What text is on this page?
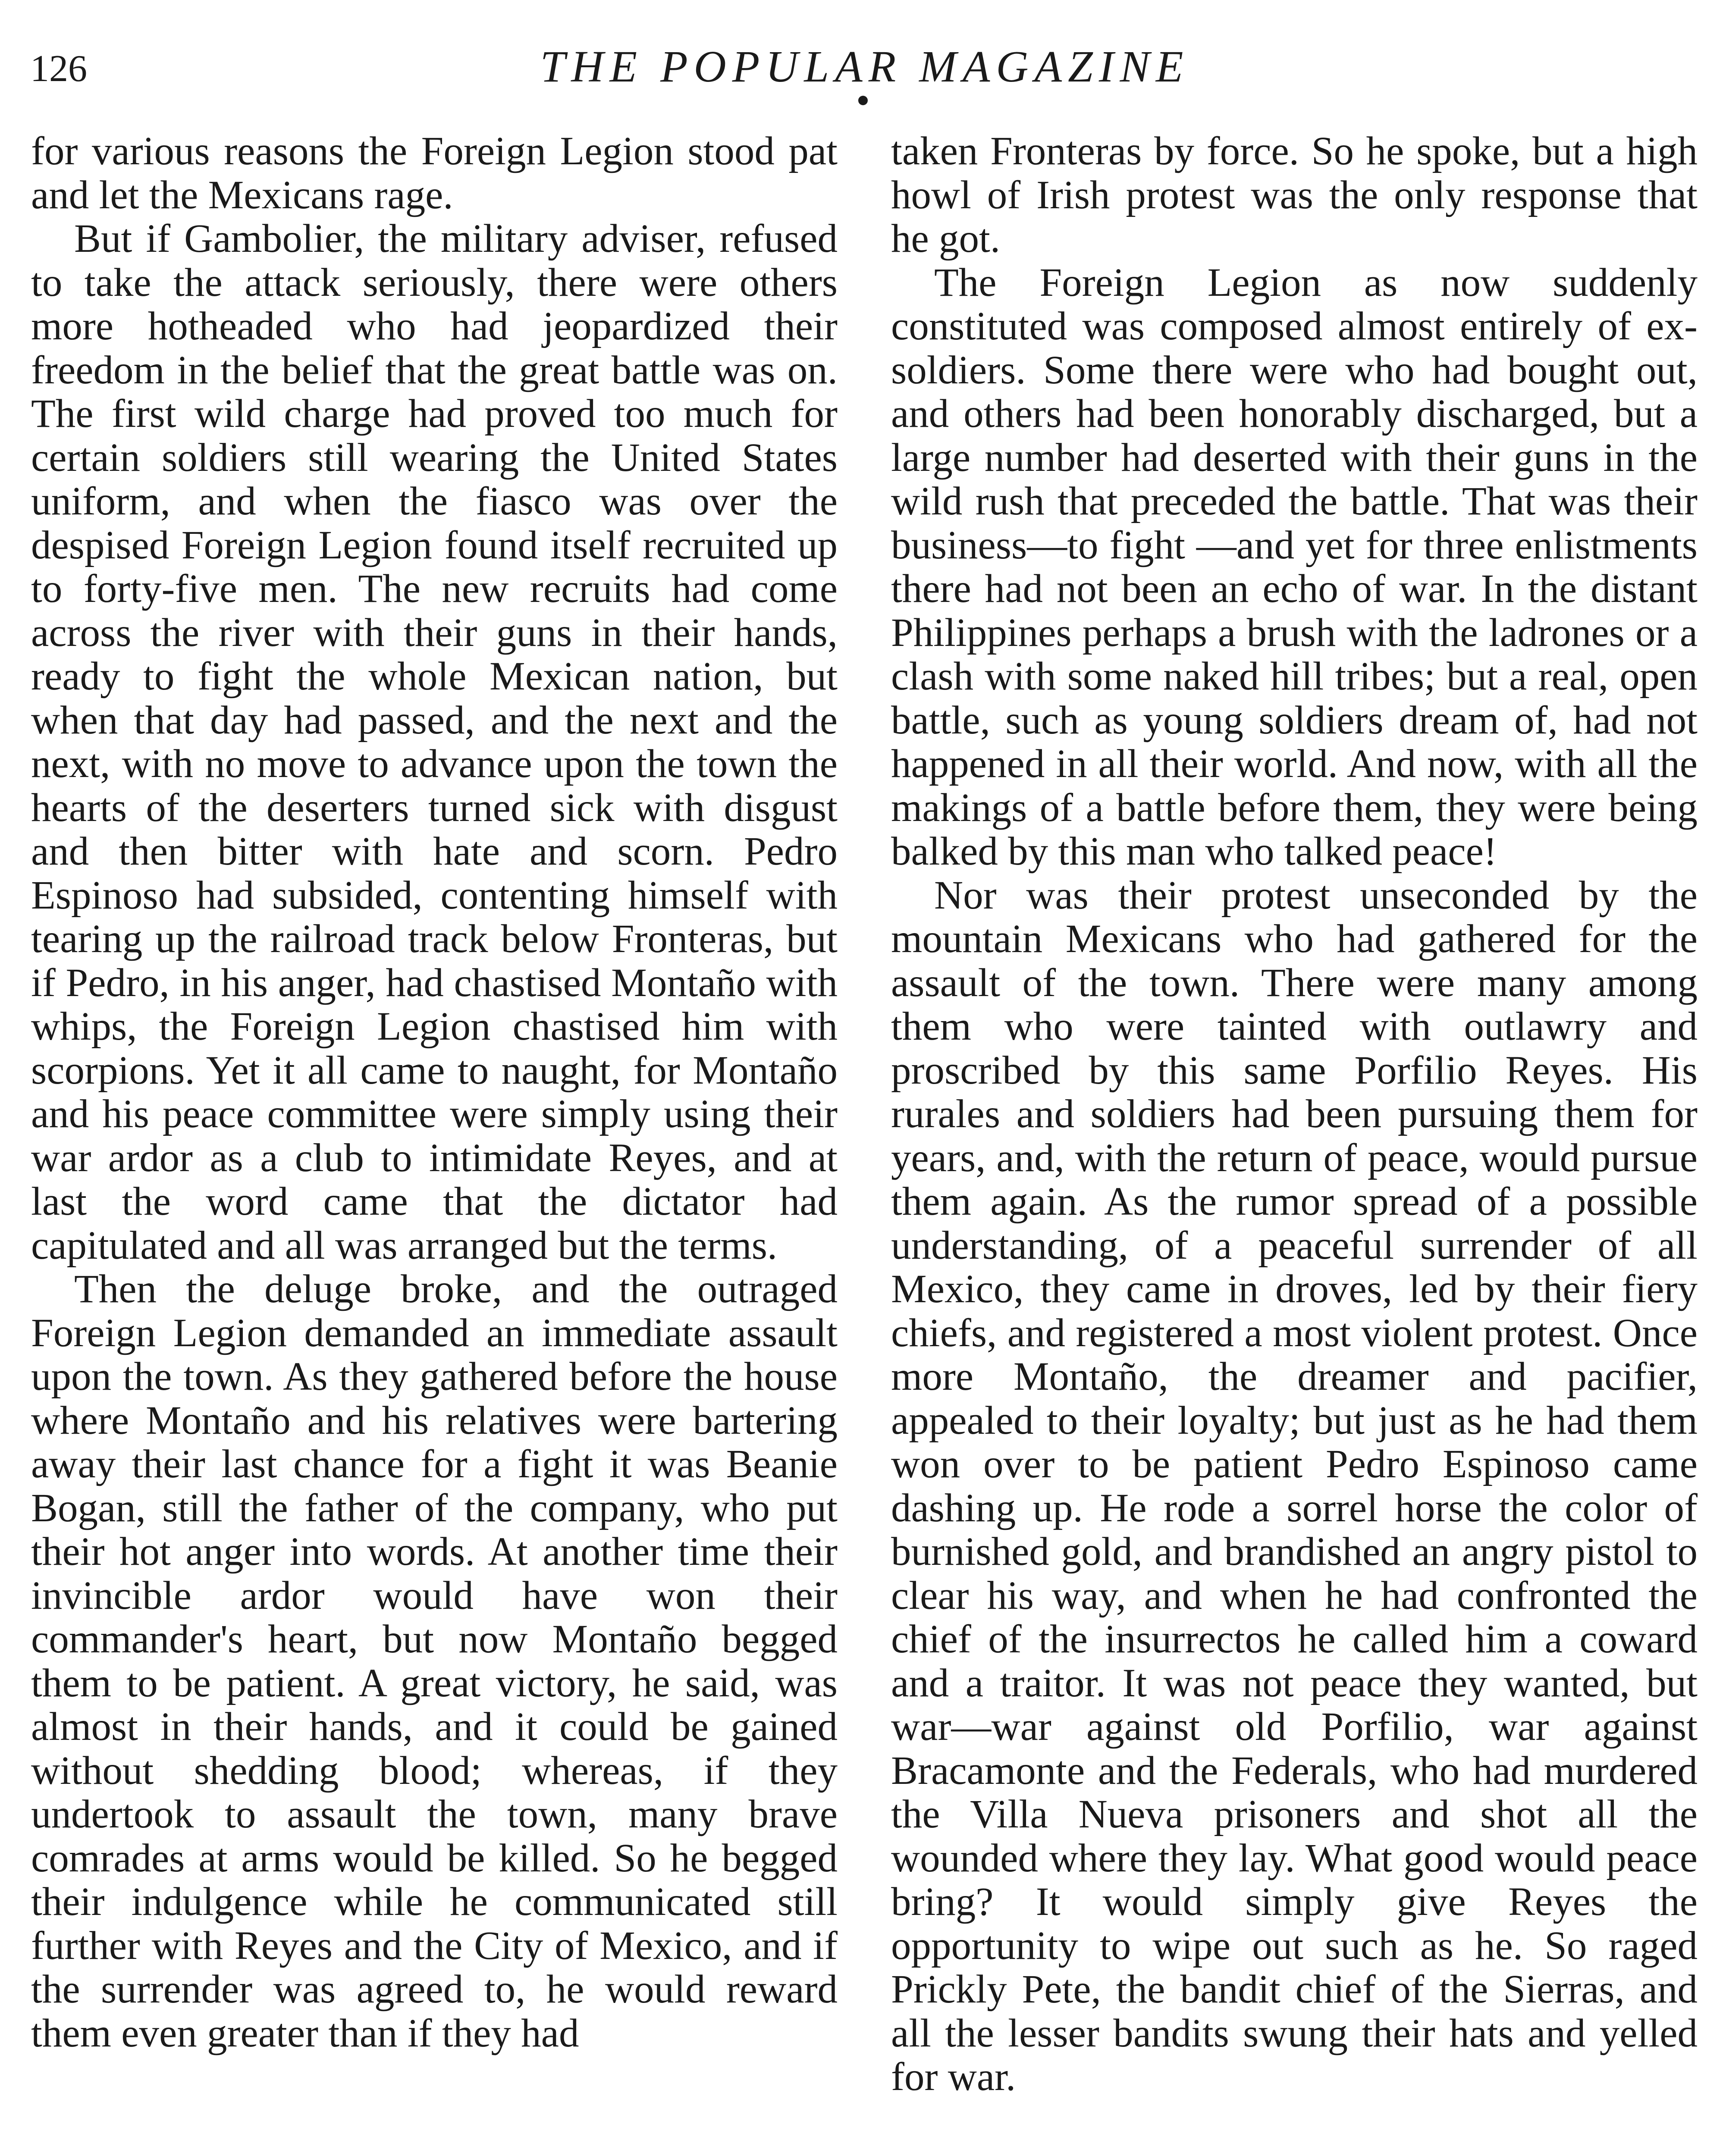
126	THE POPULAR MAGAZINE

for various reasons the Foreign Legion stood pat and let the Mexicans rage.

But if Gambolier, the military adviser, refused to take the attack seriously, there were others more hotheaded who had jeopardized their freedom in the belief that the great battle was on. The first wild charge had proved too much for certain soldiers still wearing the United States uniform, and when the fiasco was over the despised Foreign Legion found itself recruited up to forty-five men. The new recruits had come across the river with their guns in their hands, ready to fight the whole Mexican nation, but when that day had passed, and the next and the next, with no move to advance upon the town the hearts of the deserters turned sick with disgust and then bitter with hate and scorn. Pedro Espinoso had subsided, contenting himself with tearing up the railroad track below Fronteras, but if Pedro, in his anger, had chastised Montaño with whips, the Foreign Legion chastised him with scorpions. Yet it all came to naught, for Montaño and his peace committee were simply using their war ardor as a club to intimidate Reyes, and at last the word came that the dictator had capitulated and all was arranged but the terms.

Then the deluge broke, and the outraged Foreign Legion demanded an immediate assault upon the town. As they gathered before the house where Montaño and his relatives were bartering away their last chance for a fight it was Beanie Bogan, still the father of the company, who put their hot anger into words. At another time their invincible ardor would have won their commander's heart, but now Montaño begged them to be patient. A great victory, he said, was almost in their hands, and it could be gained without shedding blood; whereas, if they undertook to assault the town, many brave comrades at arms would be killed. So he begged their indulgence while he communicated still further with Reyes and the City of Mexico, and if the surrender was agreed to, he would reward them even greater than if they had

taken Fronteras by force. So he spoke, but a high howl of Irish protest was the only response that he got.

The Foreign Legion as now suddenly constituted was composed almost entirely of ex-soldiers. Some there were who had bought out, and others had been honorably discharged, but a large number had deserted with their guns in the wild rush that preceded the battle. That was their business—to fight —and yet for three enlistments there had not been an echo of war. In the distant Philippines perhaps a brush with the ladrones or a clash with some naked hill tribes; but a real, open battle, such as young soldiers dream of, had not happened in all their world. And now, with all the makings of a battle before them, they were being balked by this man who talked peace!

Nor was their protest unseconded by the mountain Mexicans who had gathered for the assault of the town. There were many among them who were tainted with outlawry and proscribed by this same Porfilio Reyes. His rurales and soldiers had been pursuing them for years, and, with the return of peace, would pursue them again. As the rumor spread of a possible understanding, of a peaceful surrender of all Mexico, they came in droves, led by their fiery chiefs, and registered a most violent protest. Once more Montaño, the dreamer and pacifier, appealed to their loyalty; but just as he had them won over to be patient Pedro Espinoso came dashing up. He rode a sorrel horse the color of burnished gold, and brandished an angry pistol to clear his way, and when he had confronted the chief of the insurrectos he called him a coward and a traitor. It was not peace they wanted, but war—war against old Porfilio, war against Bracamonte and the Federals, who had murdered the Villa Nueva prisoners and shot all the wounded where they lay. What good would peace bring? It would simply give Reyes the opportunity to wipe out such as he. So raged Prickly Pete, the bandit chief of the Sierras, and all the lesser bandits swung their hats and yelled for war.
